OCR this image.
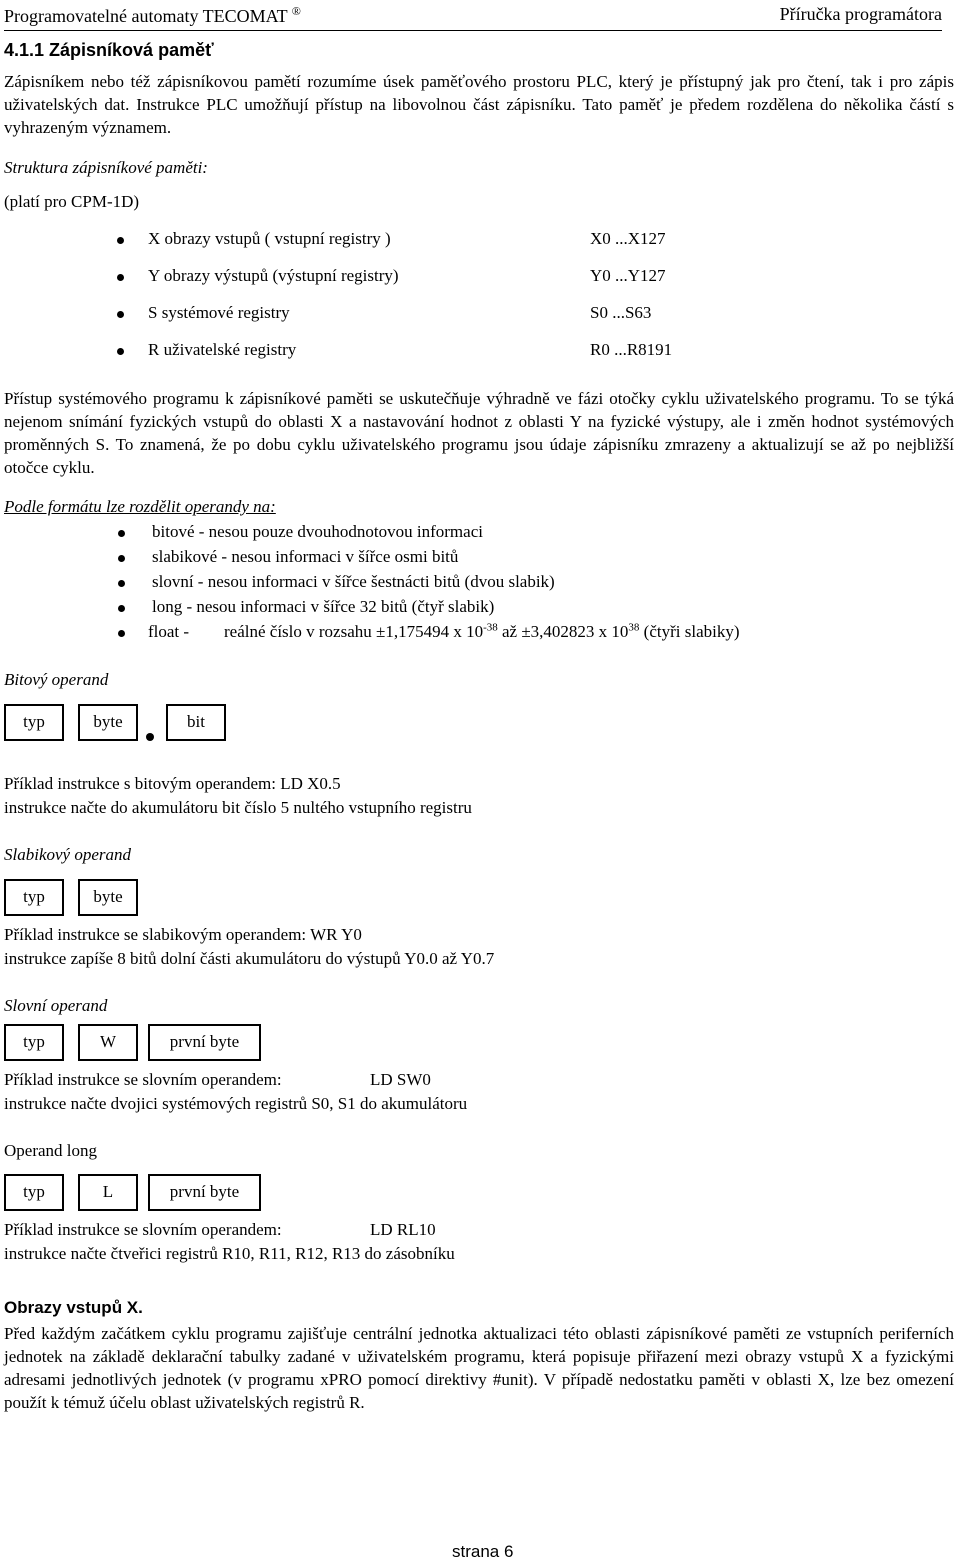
Programovatelné automaty TECOMAT ®	Příručka programátora
4.1.1 Zápisníková paměť
Zápisníkem nebo též zápisníkovou pamětí rozumíme úsek paměťového prostoru PLC, který je přístupný jak pro čtení, tak i pro zápis uživatelských dat. Instrukce PLC umožňují přístup na libovolnou část zápisníku. Tato paměť je předem rozdělena do několika částí s vyhrazeným významem.
Struktura zápisníkové paměti:
(platí pro CPM-1D)
X obrazy vstupů ( vstupní registry )	X0 ...X127
Y obrazy výstupů (výstupní registry)	Y0 ...Y127
S systémové registry	S0 ...S63
R uživatelské registry	R0 ...R8191
Přístup systémového programu k zápisníkové paměti se uskutečňuje výhradně ve fázi otočky cyklu uživatelského programu. To se týká nejenom snímání fyzických vstupů do oblasti X a nastavování hodnot z oblasti Y na fyzické výstupy, ale i změn hodnot systémových proměnných S. To znamená, že po dobu cyklu uživatelského programu jsou údaje zápisníku zmrazeny a aktualizují se až po nejbližší otočce cyklu.
Podle formátu lze rozdělit operandy na:
bitové - nesou pouze dvouhodnotovou informaci
slabikové - nesou informaci v šířce osmi bitů
slovní - nesou informaci v šířce šestnácti bitů (dvou slabik)
long - nesou informaci v šířce 32 bitů (čtyř slabik)
float - reálné číslo v rozsahu ±1,175494 x $10^{-38}$ až ±3,402823 x $10^{38}$ (čtyři slabiky)
Bitový operand
typ	byte	bit
Příklad instrukce s bitovým operandem: LD X0.5
instrukce načte do akumulátoru bit číslo 5 nultého vstupního registru
Slabikový operand
typ	byte
Příklad instrukce se slabikovým operandem: WR Y0
instrukce zapíše 8 bitů dolní části akumulátoru do výstupů Y0.0 až Y0.7
Slovní operand
typ	W	první byte
Příklad instrukce se slovním operandem:	LD SW0
instrukce načte dvojici systémových registrů S0, S1 do akumulátoru
Operand long
typ	L	první byte
Příklad instrukce se slovním operandem:	LD RL10
instrukce načte čtveřici registrů R10, R11, R12, R13 do zásobníku
Obrazy vstupů X.
Před každým začátkem cyklu programu zajišťuje centrální jednotka aktualizaci této oblasti zápisníkové paměti ze vstupních periferních jednotek na základě deklarační tabulky zadané v uživatelském programu, která popisuje přiřazení mezi obrazy vstupů X a fyzickými adresami jednotlivých jednotek (v programu xPRO pomocí direktivy #unit). V případě nedostatku paměti v oblasti X, lze bez omezení použít k témuž účelu oblast uživatelských registrů R.
strana 6
